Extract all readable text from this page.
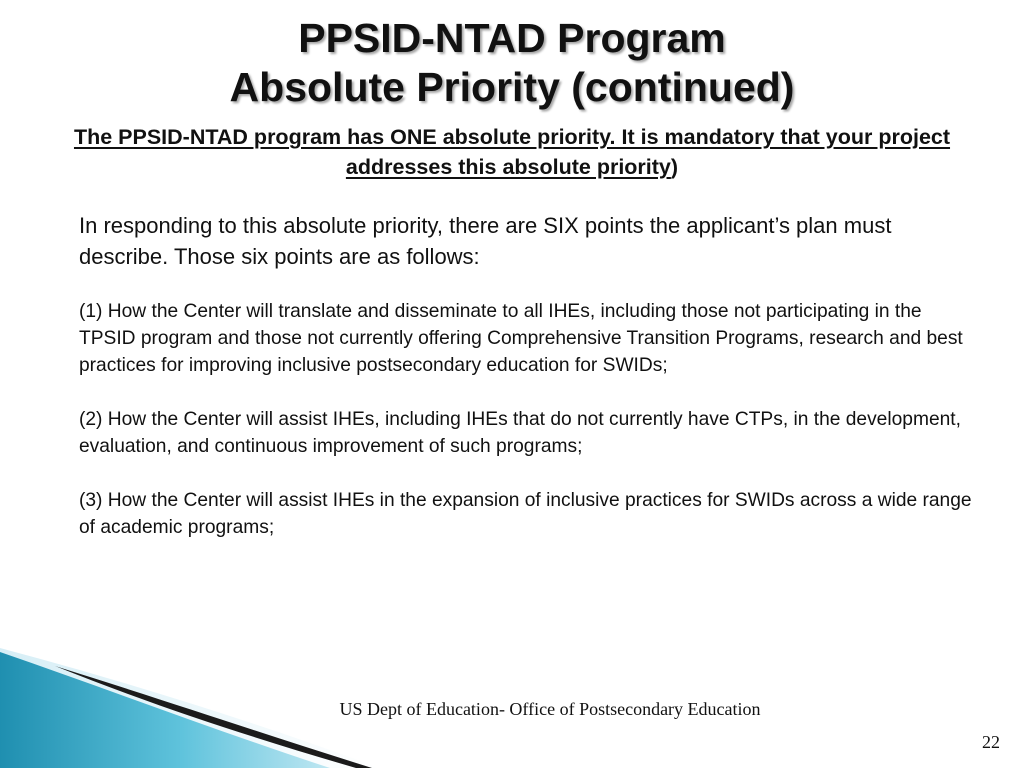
PPSID-NTAD Program
Absolute Priority (continued)
The PPSID-NTAD program has ONE absolute priority. It is mandatory that your project addresses this absolute priority)

In responding to this absolute priority, there are SIX points the applicant’s plan must describe. Those six points are as follows:

(1) How the Center will translate and disseminate to all IHEs, including those not participating in the TPSID program and those not currently offering Comprehensive Transition Programs, research and best practices for improving inclusive postsecondary education for SWIDs;

(2) How the Center will assist IHEs, including IHEs that do not currently have CTPs, in the development, evaluation, and continuous improvement of such programs;

(3) How the Center will assist IHEs in the expansion of inclusive practices for SWIDs across a wide range of academic programs;

US Dept of Education- Office of Postsecondary Education
22
